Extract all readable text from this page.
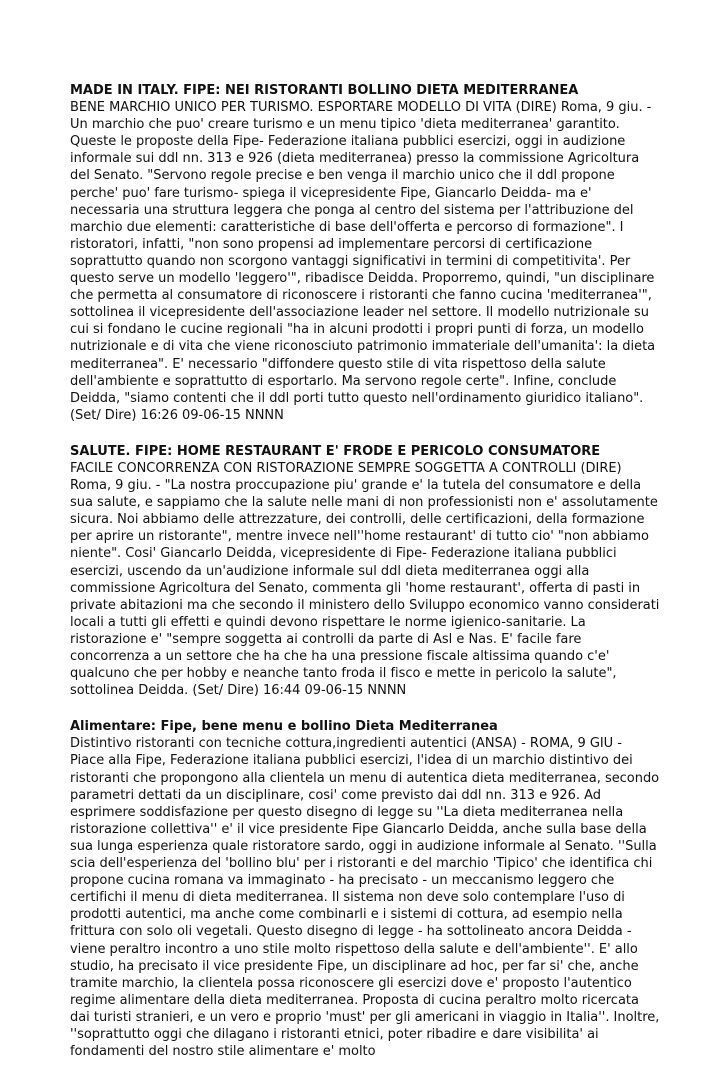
MADE IN ITALY. FIPE: NEI RISTORANTI BOLLINO DIETA MEDITERRANEA

BENE MARCHIO UNICO PER TURISMO. ESPORTARE MODELLO DI VITA (DIRE) Roma, 9 giu. - Un marchio che puo' creare turismo e un menu tipico 'dieta mediterranea' garantito. Queste le proposte della Fipe- Federazione italiana pubblici esercizi, oggi in audizione informale sui ddl nn. 313 e 926 (dieta mediterranea) presso la commissione Agricoltura del Senato. "Servono regole precise e ben venga il marchio unico che il ddl propone perche' puo' fare turismo- spiega il vicepresidente Fipe, Giancarlo Deidda- ma e' necessaria una struttura leggera che ponga al centro del sistema per l'attribuzione del marchio due elementi: caratteristiche di base dell'offerta e percorso di formazione". I ristoratori, infatti, "non sono propensi ad implementare percorsi di certificazione soprattutto quando non scorgono vantaggi significativi in termini di competitivita'. Per questo serve un modello 'leggero'", ribadisce Deidda. Proporremo, quindi, "un disciplinare che permetta al consumatore di riconoscere i ristoranti che fanno cucina 'mediterranea'", sottolinea il vicepresidente dell'associazione leader nel settore. Il modello nutrizionale su cui si fondano le cucine regionali "ha in alcuni prodotti i propri punti di forza, un modello nutrizionale e di vita che viene riconosciuto patrimonio immateriale dell'umanita': la dieta mediterranea". E' necessario "diffondere questo stile di vita rispettoso della salute dell'ambiente e soprattutto di esportarlo. Ma servono regole certe". Infine, conclude Deidda, "siamo contenti che il ddl porti tutto questo nell'ordinamento giuridico italiano". (Set/ Dire) 16:26 09-06-15 NNNN

SALUTE. FIPE: HOME RESTAURANT E' FRODE E PERICOLO CONSUMATORE

FACILE CONCORRENZA CON RISTORAZIONE SEMPRE SOGGETTA A CONTROLLI (DIRE) Roma, 9 giu. - "La nostra proccupazione piu' grande e' la tutela del consumatore e della sua salute, e sappiamo che la salute nelle mani di non professionisti non e' assolutamente sicura. Noi abbiamo delle attrezzature, dei controlli, delle certificazioni, della formazione per aprire un ristorante", mentre invece nell''home restaurant' di tutto cio' "non abbiamo niente". Cosi' Giancarlo Deidda, vicepresidente di Fipe- Federazione italiana pubblici esercizi, uscendo da un'audizione informale sul ddl dieta mediterranea oggi alla commissione Agricoltura del Senato, commenta gli 'home restaurant', offerta di pasti in private abitazioni ma che secondo il ministero dello Sviluppo economico vanno considerati locali a tutti gli effetti e quindi devono rispettare le norme igienico-sanitarie. La ristorazione e' "sempre soggetta ai controlli da parte di Asl e Nas. E' facile fare concorrenza a un settore che ha che ha una pressione fiscale altissima quando c'e' qualcuno che per hobby e neanche tanto froda il fisco e mette in pericolo la salute", sottolinea Deidda. (Set/ Dire) 16:44 09-06-15 NNNN

Alimentare: Fipe, bene menu e bollino Dieta Mediterranea

Distintivo ristoranti con tecniche cottura,ingredienti autentici (ANSA) - ROMA, 9 GIU - Piace alla Fipe, Federazione italiana pubblici esercizi, l'idea di un marchio distintivo dei ristoranti che propongono alla clientela un menu di autentica dieta mediterranea, secondo parametri dettati da un disciplinare, cosi' come previsto dai ddl nn. 313 e 926. Ad esprimere soddisfazione per questo disegno di legge su ''La dieta mediterranea nella ristorazione collettiva'' e' il vice presidente Fipe Giancarlo Deidda, anche sulla base della sua lunga esperienza quale ristoratore sardo, oggi in audizione informale al Senato. ''Sulla scia dell'esperienza del 'bollino blu' per i ristoranti e del marchio 'Tipico' che identifica chi propone cucina romana va immaginato - ha precisato - un meccanismo leggero che certifichi il menu di dieta mediterranea. Il sistema non deve solo contemplare l'uso di prodotti autentici, ma anche come combinarli e i sistemi di cottura, ad esempio nella frittura con solo oli vegetali. Questo disegno di legge - ha sottolineato ancora Deidda - viene peraltro incontro a uno stile molto rispettoso della salute e dell'ambiente''. E' allo studio, ha precisato il vice presidente Fipe, un disciplinare ad hoc, per far si' che, anche tramite marchio, la clientela possa riconoscere gli esercizi dove e' proposto l'autentico regime alimentare della dieta mediterranea. Proposta di cucina peraltro molto ricercata dai turisti stranieri, e un vero e proprio 'must' per gli americani in viaggio in Italia''. Inoltre, ''soprattutto oggi che dilagano i ristoranti etnici, poter ribadire e dare visibilita' ai fondamenti del nostro stile alimentare e' molto
